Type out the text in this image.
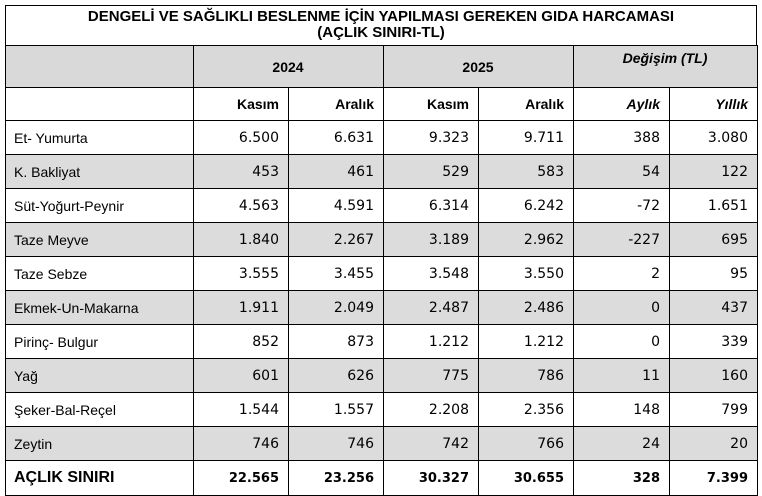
DENGELİ VE SAĞLIKLI BESLENME İÇİN YAPILMASI GEREKEN GIDA HARCAMASI
(AÇLIK SINIRI-TL)
	2024		2025		Değişim (TL)	
	Kasım	Aralık	Kasım	Aralık	Aylık	Yıllık
Et- Yumurta	6.500	6.631	9.323	9.711	388	3.080
K. Bakliyat	453	461	529	583	54	122
Süt-Yoğurt-Peynir	4.563	4.591	6.314	6.242	-72	1.651
Taze Meyve	1.840	2.267	3.189	2.962	-227	695
Taze Sebze	3.555	3.455	3.548	3.550	2	95
Ekmek-Un-Makarna	1.911	2.049	2.487	2.486	0	437
Pirinç- Bulgur	852	873	1.212	1.212	0	339
Yağ	601	626	775	786	11	160
Şeker-Bal-Reçel	1.544	1.557	2.208	2.356	148	799
Zeytin	746	746	742	766	24	20
AÇLIK SINIRI	22.565	23.256	30.327	30.655	328	7.399
